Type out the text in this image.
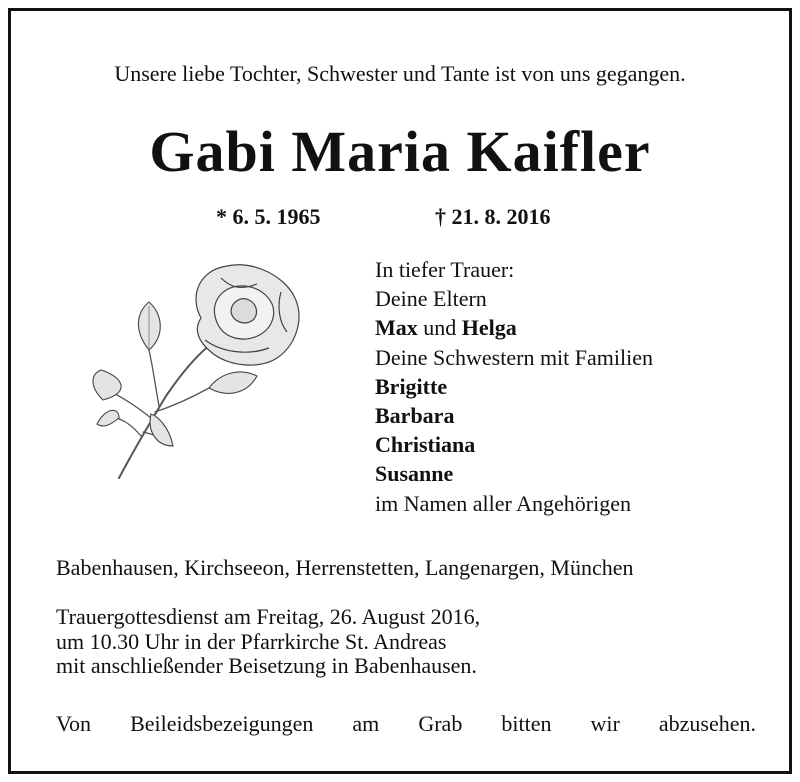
Unsere liebe Tochter, Schwester und Tante ist von uns gegangen.
Gabi Maria Kaifler
* 6. 5. 1965	† 21. 8. 2016
In tiefer Trauer:
Deine Eltern
Max und Helga
Deine Schwestern mit Familien
Brigitte
Barbara
Christiana
Susanne
im Namen aller Angehörigen
Babenhausen, Kirchseeon, Herrenstetten, Langenargen, München
Trauergottesdienst am Freitag, 26. August 2016,
um 10.30 Uhr in der Pfarrkirche St. Andreas
mit anschließender Beisetzung in Babenhausen.
Von Beileidsbezeigungen am Grab bitten wir abzusehen.
